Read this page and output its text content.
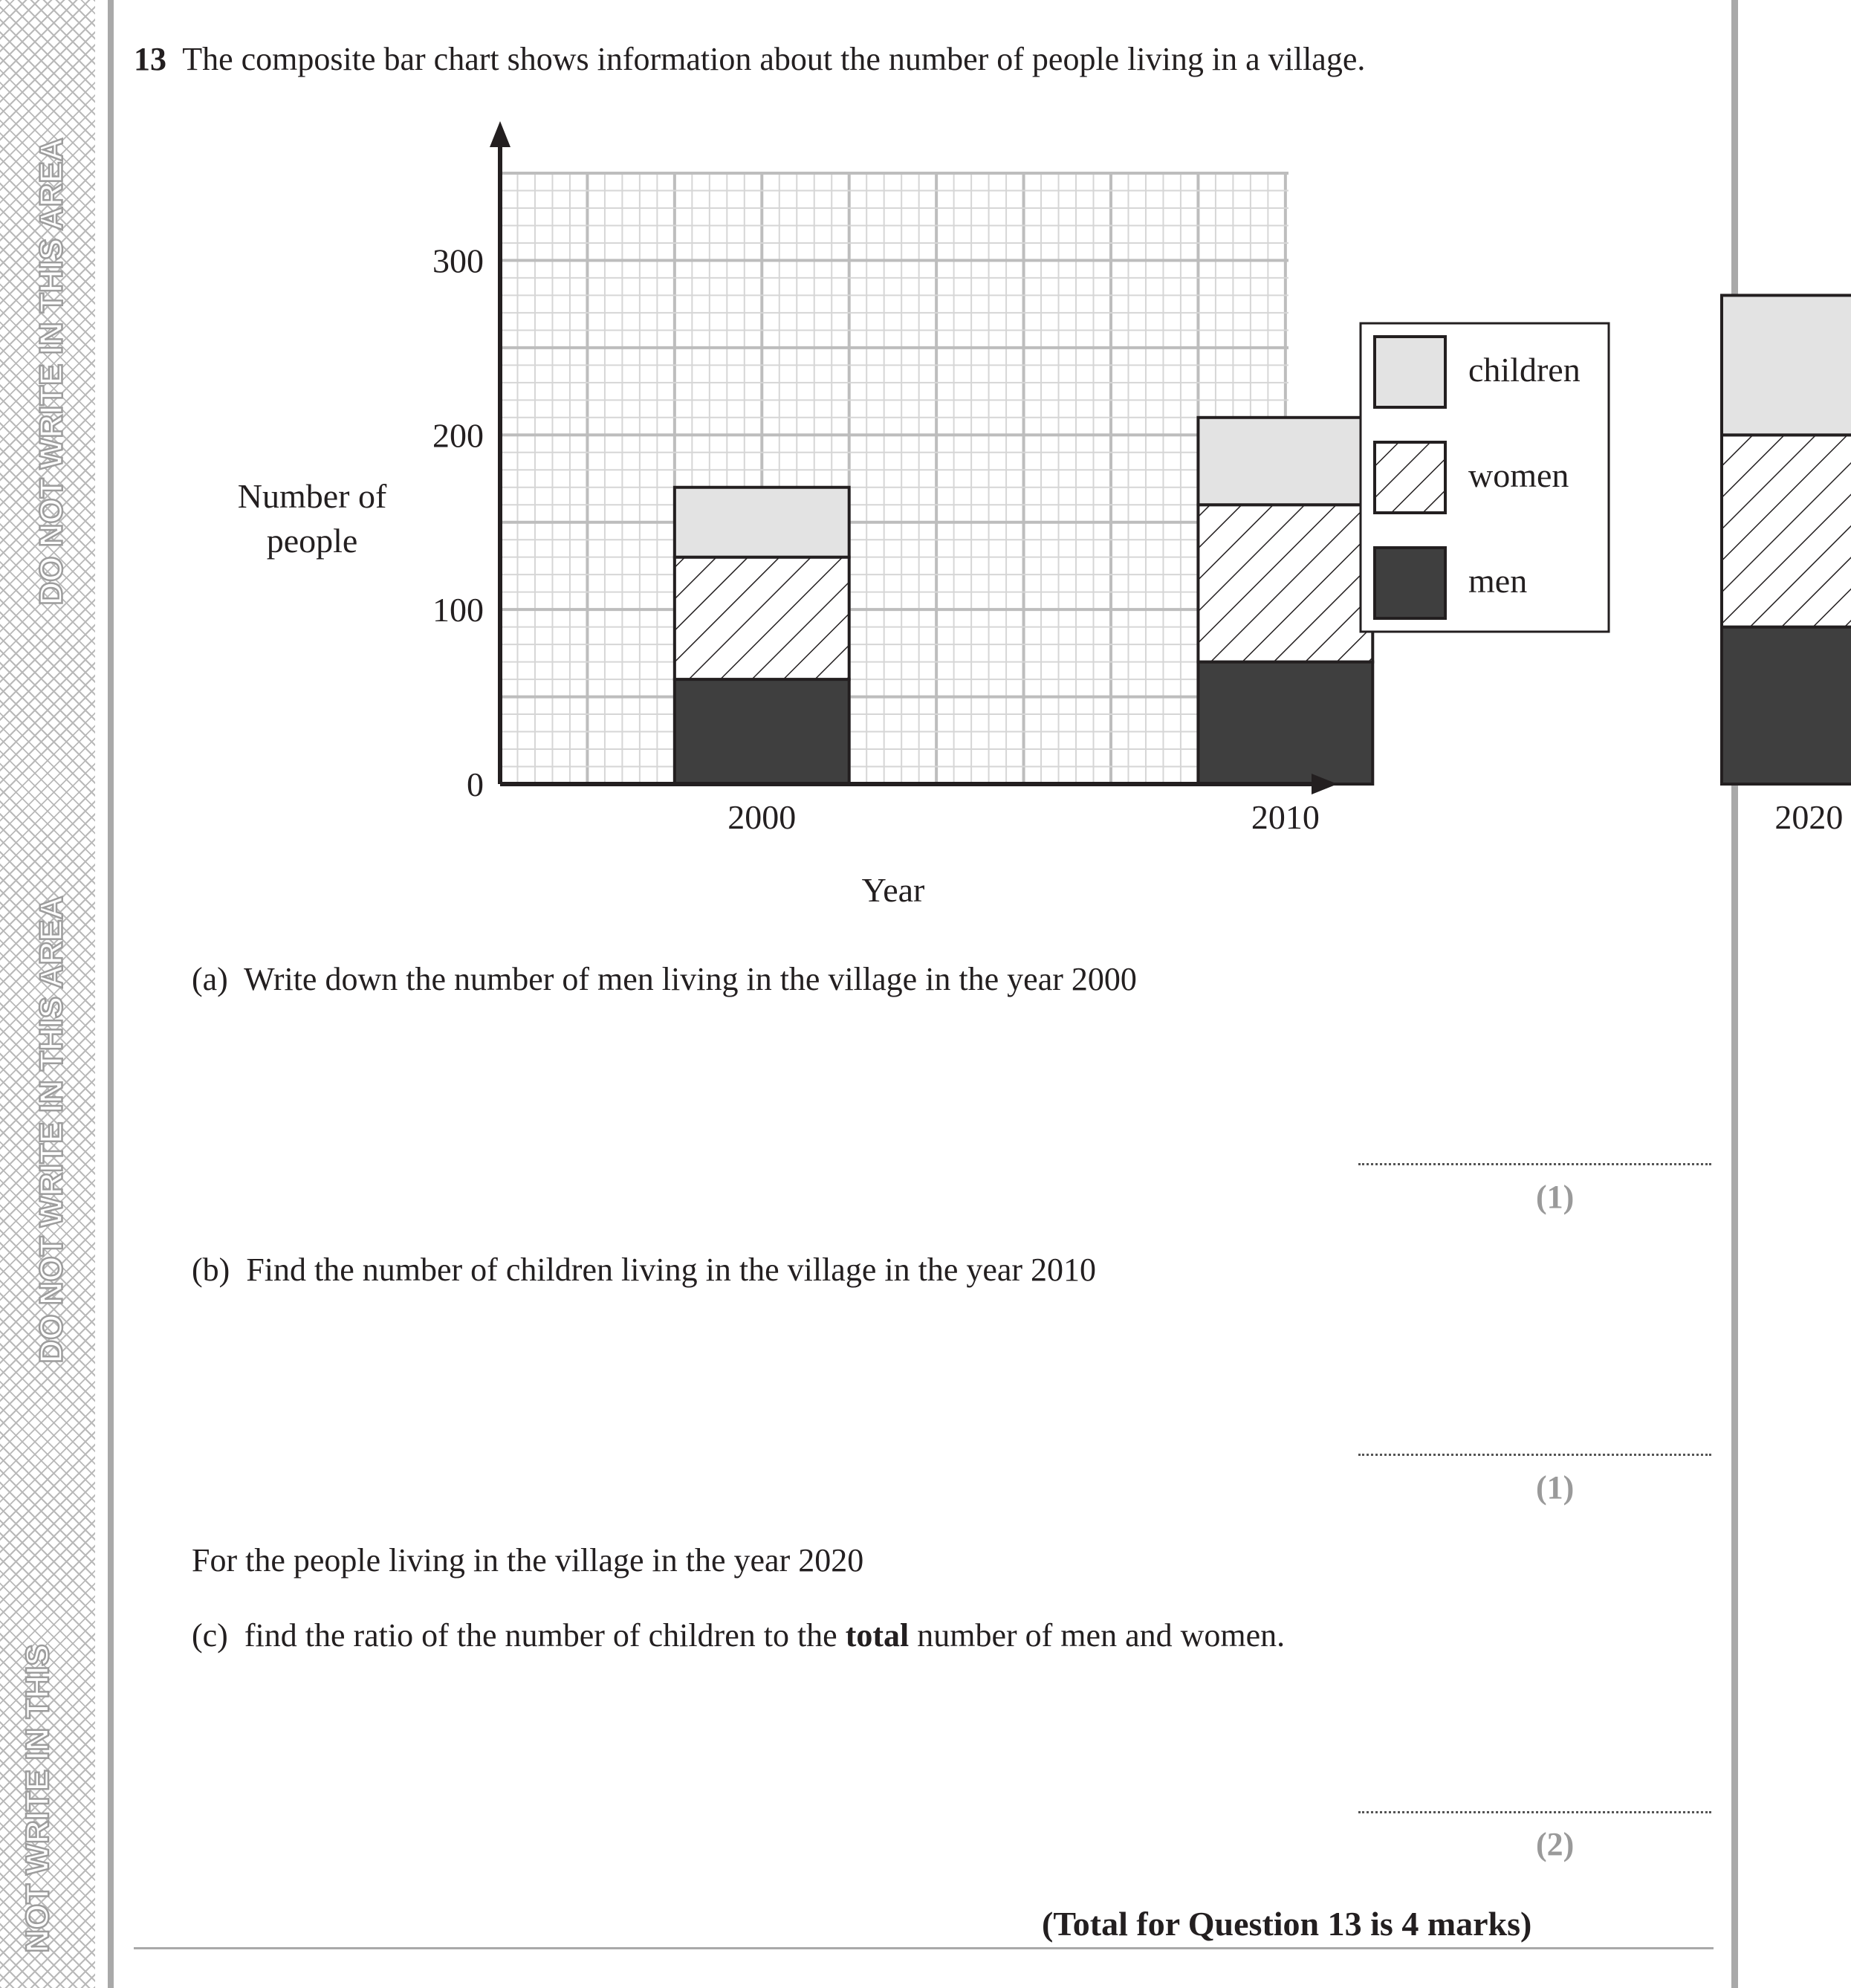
DO NOT WRITE IN THIS AREA
DO NOT WRITE IN THIS AREA
NOT WRITE IN THIS
13 The composite bar chart shows information about the number of people living in a village.
0
100
200
300
2000	2010	2020
Number of
people
Year
children
women
men
(a) Write down the number of men living in the village in the year 2000
(1)
(b) Find the number of children living in the village in the year 2010
(1)
For the people living in the village in the year 2020
(c) find the ratio of the number of children to the total number of men and women.
(2)
(Total for Question 13 is 4 marks)
